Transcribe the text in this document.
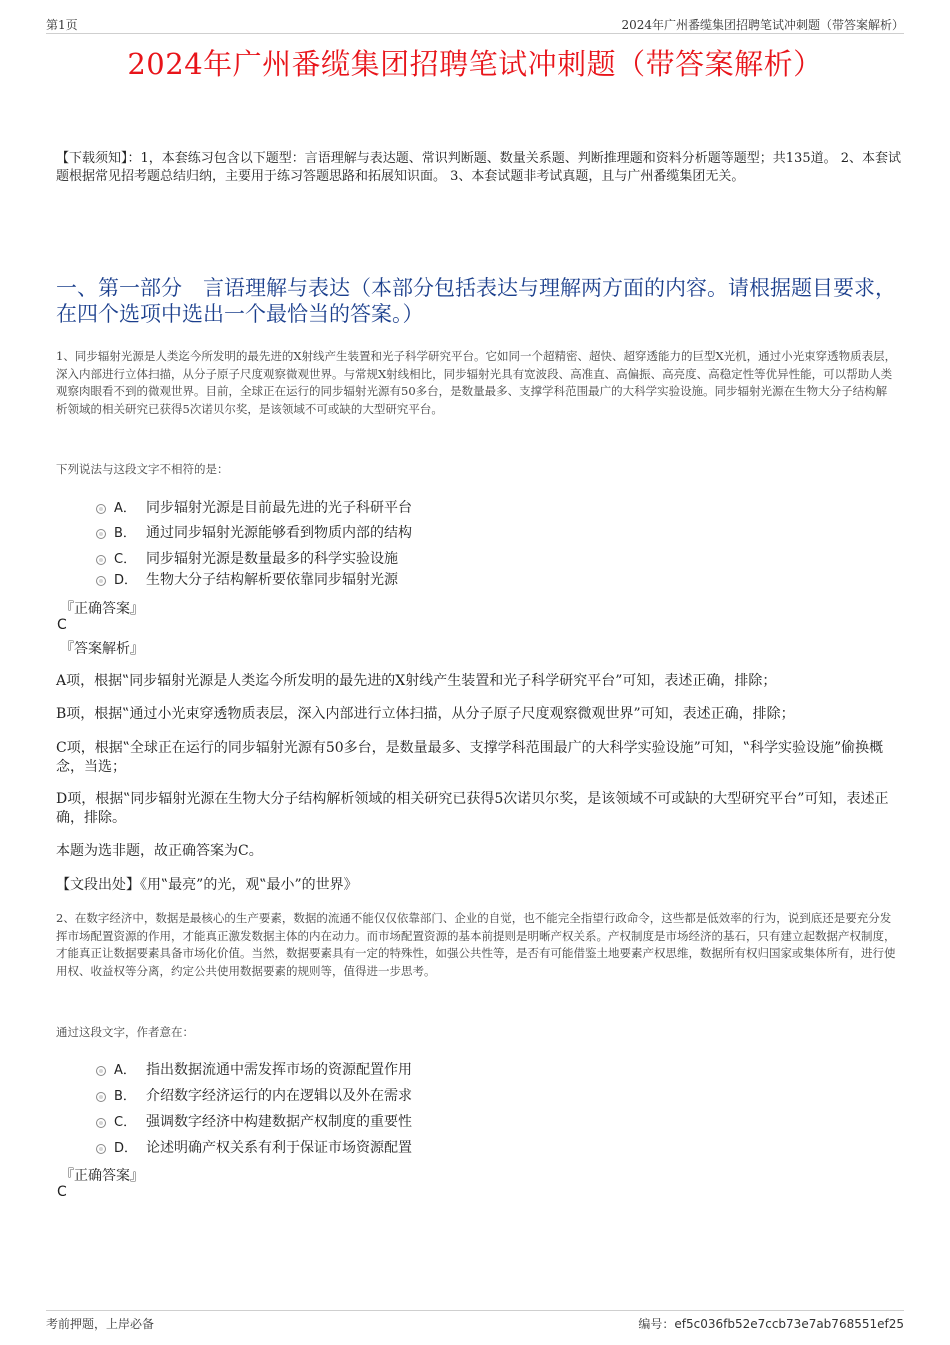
第1页	2024年广州番缆集团招聘笔试冲刺题（带答案解析）
2024年广州番缆集团招聘笔试冲刺题（带答案解析）
【下载须知】：1，本套练习包含以下题型：言语理解与表达题、常识判断题、数量关系题、判断推理题和资料分析题等题型；共135道。 2、本套试题根据常见招考题总结归纳，主要用于练习答题思路和拓展知识面。 3、本套试题非考试真题，且与广州番缆集团无关。
一、第一部分　言语理解与表达（本部分包括表达与理解两方面的内容。请根据题目要求，在四个选项中选出一个最恰当的答案。）
1、同步辐射光源是人类迄今所发明的最先进的X射线产生装置和光子科学研究平台。它如同一个超精密、超快、超穿透能力的巨型X光机，通过小光束穿透物质表层，深入内部进行立体扫描，从分子原子尺度观察微观世界。与常规X射线相比，同步辐射光具有宽波段、高准直、高偏振、高亮度、高稳定性等优异性能，可以帮助人类观察肉眼看不到的微观世界。目前，全球正在运行的同步辐射光源有50多台，是数量最多、支撑学科范围最广的大科学实验设施。同步辐射光源在生物大分子结构解析领域的相关研究已获得5次诺贝尔奖，是该领域不可或缺的大型研究平台。
下列说法与这段文字不相符的是：
A． 同步辐射光源是目前最先进的光子科研平台
B． 通过同步辐射光源能够看到物质内部的结构
C． 同步辐射光源是数量最多的科学实验设施
D． 生物大分子结构解析要依靠同步辐射光源
『正确答案』
C
『答案解析』
A项，根据‟同步辐射光源是人类迄今所发明的最先进的X射线产生装置和光子科学研究平台”可知，表述正确，排除；
B项，根据‟通过小光束穿透物质表层，深入内部进行立体扫描，从分子原子尺度观察微观世界”可知，表述正确，排除；
C项，根据‟全球正在运行的同步辐射光源有50多台，是数量最多、支撑学科范围最广的大科学实验设施”可知，‟科学实验设施”偷换概念，当选；
D项，根据‟同步辐射光源在生物大分子结构解析领域的相关研究已获得5次诺贝尔奖，是该领域不可或缺的大型研究平台”可知，表述正确，排除。
本题为选非题，故正确答案为C。
【文段出处】《用‟最亮”的光，观‟最小”的世界》
2、在数字经济中，数据是最核心的生产要素，数据的流通不能仅仅依靠部门、企业的自觉，也不能完全指望行政命令，这些都是低效率的行为，说到底还是要充分发挥市场配置资源的作用，才能真正激发数据主体的内在动力。而市场配置资源的基本前提则是明晰产权关系。产权制度是市场经济的基石，只有建立起数据产权制度，才能真正让数据要素具备市场化价值。当然，数据要素具有一定的特殊性，如强公共性等，是否有可能借鉴土地要素产权思维，数据所有权归国家或集体所有，进行使用权、收益权等分离，约定公共使用数据要素的规则等，值得进一步思考。
通过这段文字，作者意在：
A． 指出数据流通中需发挥市场的资源配置作用
B． 介绍数字经济运行的内在逻辑以及外在需求
C． 强调数字经济中构建数据产权制度的重要性
D． 论述明确产权关系有利于保证市场资源配置
『正确答案』
C
考前押题，上岸必备	编号：ef5c036fb52e7ccb73e7ab768551ef25
